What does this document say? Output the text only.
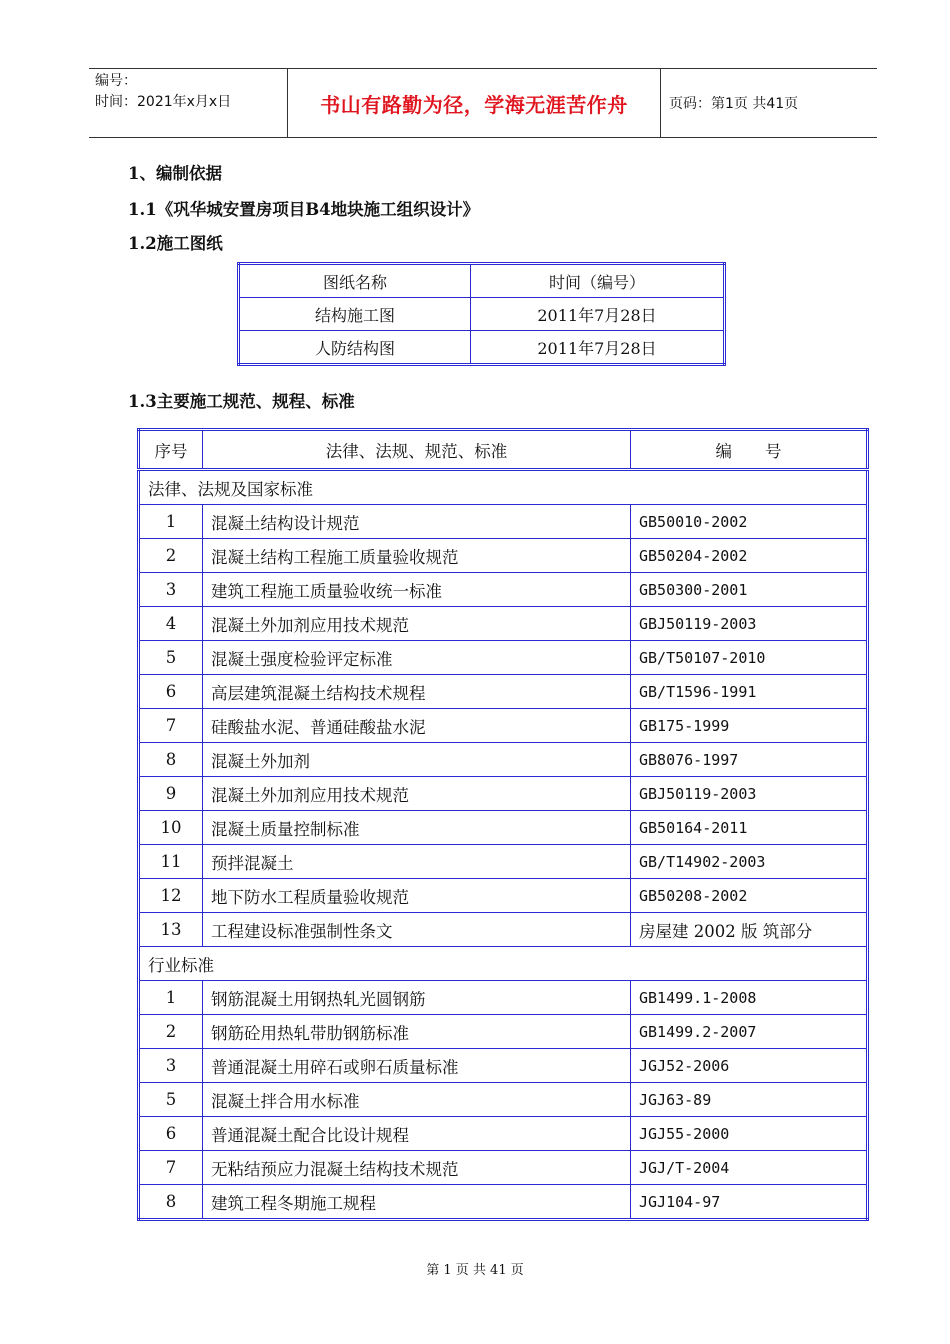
编号：
时间：2021年x月x日	书山有路勤为径，学海无涯苦作舟	页码：第1页 共41页
1、编制依据
1.1《巩华城安置房项目B4地块施工组织设计》
1.2施工图纸
图纸名称	时间（编号）
结构施工图	2011年7月28日
人防结构图	2011年7月28日
1.3主要施工规范、规程、标准
序号	法律、法规、规范、标准	编　　号
法律、法规及国家标准		
1	混凝土结构设计规范	GB50010-2002
2	混凝土结构工程施工质量验收规范	GB50204-2002
3	建筑工程施工质量验收统一标准	GB50300-2001
4	混凝土外加剂应用技术规范	GBJ50119-2003
5	混凝土强度检验评定标准	GB/T50107-2010
6	高层建筑混凝土结构技术规程	GB/T1596-1991
7	硅酸盐水泥、普通硅酸盐水泥	GB175-1999
8	混凝土外加剂	GB8076-1997
9	混凝土外加剂应用技术规范	GBJ50119-2003
10	混凝土质量控制标准	GB50164-2011
11	预拌混凝土	GB/T14902-2003
12	地下防水工程质量验收规范	GB50208-2002
13	工程建设标准强制性条文	房屋建 2002 版 筑部分
行业标准		
1	钢筋混凝土用钢热轧光圆钢筋	GB1499.1-2008
2	钢筋砼用热轧带肋钢筋标准	GB1499.2-2007
3	普通混凝土用碎石或卵石质量标准	JGJ52-2006
5	混凝土拌合用水标准	JGJ63-89
6	普通混凝土配合比设计规程	JGJ55-2000
7	无粘结预应力混凝土结构技术规范	JGJ/T-2004
8	建筑工程冬期施工规程	JGJ104-97
第 1 页 共 41 页
